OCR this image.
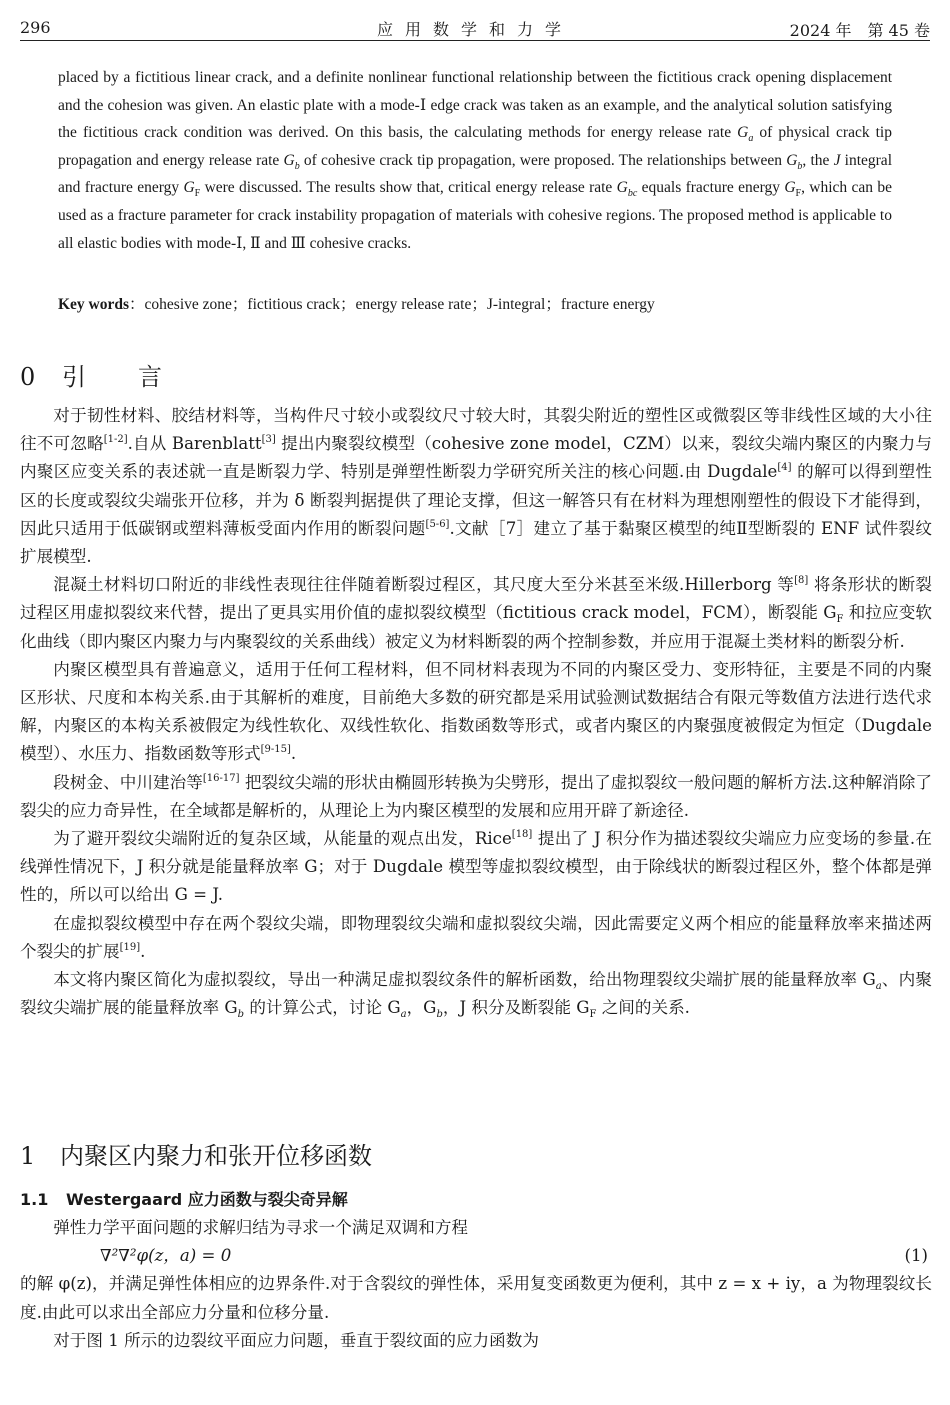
296	应用数学和力学	2024 年　第 45 卷
placed by a fictitious linear crack, and a definite nonlinear functional relationship between the fictitious crack opening displacement and the cohesion was given. An elastic plate with a mode-Ⅰ edge crack was taken as an example, and the analytical solution satisfying the fictitious crack condition was derived. On this basis, the calculating methods for energy release rate $G_a$ of physical crack tip propagation and energy release rate $G_b$ of cohesive crack tip propagation, were proposed. The relationships between $G_b$, the J integral and fracture energy $G_F$ were discussed. The results show that, critical energy release rate $G_{bc}$ equals fracture energy $G_F$, which can be used as a fracture parameter for crack instability propagation of materials with cohesive regions. The proposed method is applicable to all elastic bodies with mode-Ⅰ, Ⅱ and Ⅲ cohesive cracks.
Key words：cohesive zone；fictitious crack；energy release rate；J-integral；fracture energy
0 引 言

对于韧性材料、胶结材料等，当构件尺寸较小或裂纹尺寸较大时，其裂尖附近的塑性区或微裂区等非线性区域的大小往往不可忽略[1-2].自从 Barenblatt[3] 提出内聚裂纹模型（cohesive zone model，CZM）以来，裂纹尖端内聚区的内聚力与内聚区应变关系的表述就一直是断裂力学、特别是弹塑性断裂力学研究所关注的核心问题.由 Dugdale[4] 的解可以得到塑性区的长度或裂纹尖端张开位移，并为 δ 断裂判据提供了理论支撑，但这一解答只有在材料为理想刚塑性的假设下才能得到，因此只适用于低碳钢或塑料薄板受面内作用的断裂问题[5-6].文献［7］建立了基于黏聚区模型的纯Ⅱ型断裂的 ENF 试件裂纹扩展模型.

混凝土材料切口附近的非线性表现往往伴随着断裂过程区，其尺度大至分米甚至米级.Hillerborg 等[8] 将条形状的断裂过程区用虚拟裂纹来代替，提出了更具实用价值的虚拟裂纹模型（fictitious crack model，FCM），断裂能 $G_F$ 和拉应变软化曲线（即内聚区内聚力与内聚裂纹的关系曲线）被定义为材料断裂的两个控制参数，并应用于混凝土类材料的断裂分析.

内聚区模型具有普遍意义，适用于任何工程材料，但不同材料表现为不同的内聚区受力、变形特征，主要是不同的内聚区形状、尺度和本构关系.由于其解析的难度，目前绝大多数的研究都是采用试验测试数据结合有限元等数值方法进行迭代求解，内聚区的本构关系被假定为线性软化、双线性软化、指数函数等形式，或者内聚区的内聚强度被假定为恒定（Dugdale 模型）、水压力、指数函数等形式[9-15].

段树金、中川建治等[16-17] 把裂纹尖端的形状由椭圆形转换为尖劈形，提出了虚拟裂纹一般问题的解析方法.这种解消除了裂尖的应力奇异性，在全域都是解析的，从理论上为内聚区模型的发展和应用开辟了新途径.

为了避开裂纹尖端附近的复杂区域，从能量的观点出发，Rice[18] 提出了 J 积分作为描述裂纹尖端应力应变场的参量.在线弹性情况下，J 积分就是能量释放率 G；对于 Dugdale 模型等虚拟裂纹模型，由于除线状的断裂过程区外，整个体都是弹性的，所以可以给出 G = J.

在虚拟裂纹模型中存在两个裂纹尖端，即物理裂纹尖端和虚拟裂纹尖端，因此需要定义两个相应的能量释放率来描述两个裂尖的扩展[19].

本文将内聚区简化为虚拟裂纹，导出一种满足虚拟裂纹条件的解析函数，给出物理裂纹尖端扩展的能量释放率 $G_a$、内聚裂纹尖端扩展的能量释放率 $G_b$ 的计算公式，讨论 $G_a$，$G_b$，J 积分及断裂能 $G_F$ 之间的关系.

1 内聚区内聚力和张开位移函数
1.1 Westergaard 应力函数与裂尖奇异解

弹性力学平面问题的求解归结为寻求一个满足双调和方程

∇²∇²φ(z，a) = 0	(1)

的解 φ(z)，并满足弹性体相应的边界条件.对于含裂纹的弹性体，采用复变函数更为便利，其中 z = x + iy，a 为物理裂纹长度.由此可以求出全部应力分量和位移分量.

对于图 1 所示的边裂纹平面应力问题，垂直于裂纹面的应力函数为
